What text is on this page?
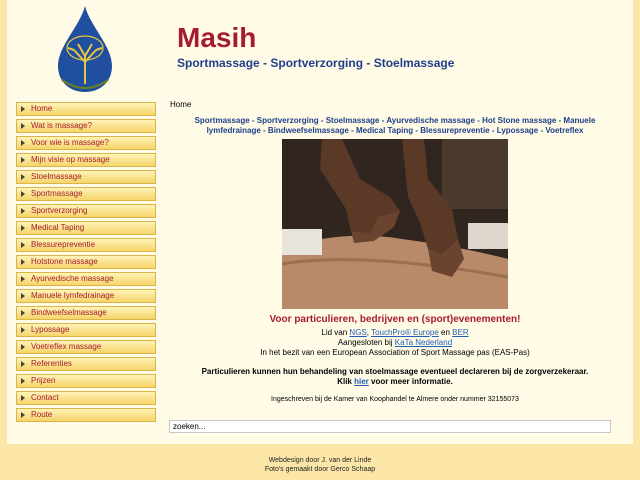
Masih
Sportmassage - Sportverzorging - Stoelmassage
Home
Wat is massage?
Voor wie is massage?
Mijn visie op massage
Stoelmassage
Sportmassage
Sportverzorging
Medical Taping
Blessurepreventie
Hotstone massage
Ayurvedische massage
Manuele lymfedrainage
Bindweefselmassage
Lypossage
Voetreflex massage
Referenties
Prijzen
Contact
Route
Home
Sportmassage - Sportverzorging - Stoelmassage - Ayurvedische massage - Hot Stone massage - Manuele
lymfedrainage - Bindweefselmassage - Medical Taping - Blessurepreventie - Lypossage - Voetreflex
Voor particulieren, bedrijven en (sport)evenementen!
Lid van NGS, TouchPro® Europe en BER
Aangesloten bij KaTa Nederland
In het bezit van een European Association of Sport Massage pas (EAS-Pas)
Particulieren kunnen hun behandeling van stoelmassage eventueel declareren bij de zorgverzekeraar.
Klik hier voor meer informatie.
Ingeschreven bij de Kamer van Koophandel te Almere onder nummer 32155073
zoeken...
Webdesign door J. van der Linde
Foto's gemaakt door Gerco Schaap
